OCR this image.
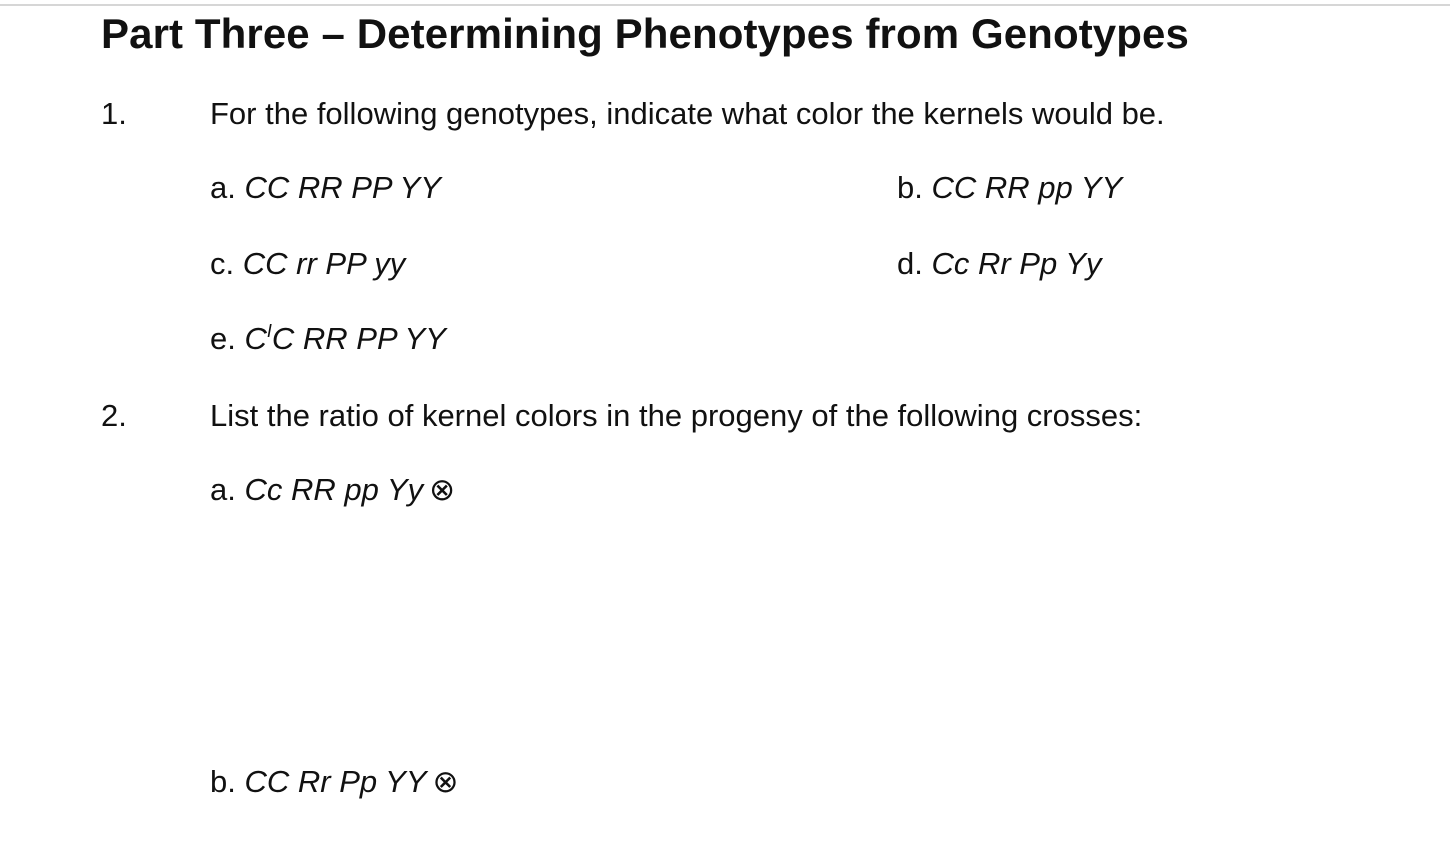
Part Three – Determining Phenotypes from Genotypes
1.	For the following genotypes, indicate what color the kernels would be.
a. CC RR PP YY	b. CC RR pp YY
c. CC rr PP yy	d. Cc Rr Pp Yy
e. $C^IC$ RR PP YY
2.	List the ratio of kernel colors in the progeny of the following crosses:
a. Cc RR pp Yy ⊗
b. CC Rr Pp YY ⊗
